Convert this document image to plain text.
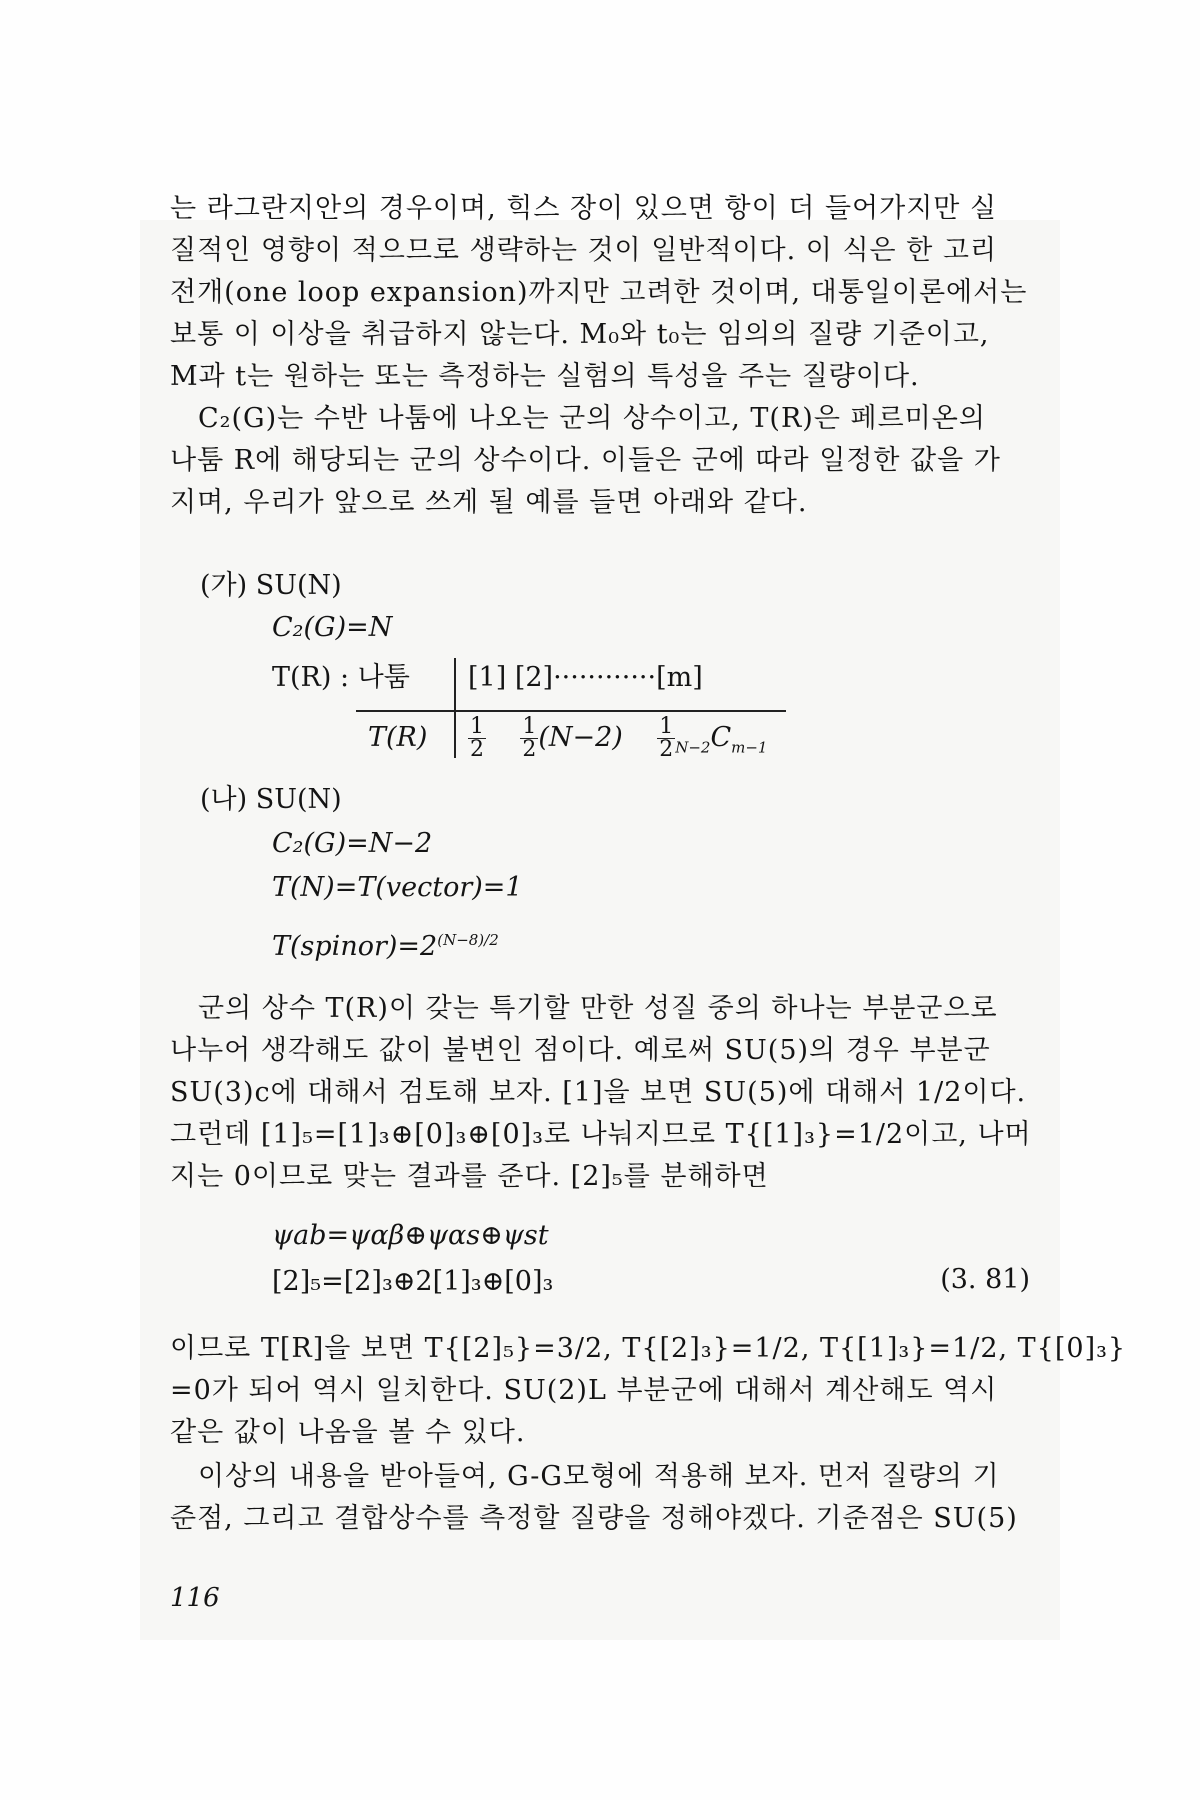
는 라그란지안의 경우이며, 힉스 장이 있으면 항이 더 들어가지만 실
질적인 영향이 적으므로 생략하는 것이 일반적이다. 이 식은 한 고리
전개(one loop expansion)까지만 고려한 것이며, 대통일이론에서는
보통 이 이상을 취급하지 않는다. M₀와 t₀는 임의의 질량 기준이고,
M과 t는 원하는 또는 측정하는 실험의 특성을 주는 질량이다.
C₂(G)는 수반 나툼에 나오는 군의 상수이고, T(R)은 페르미온의
나툼 R에 해당되는 군의 상수이다. 이들은 군에 따라 일정한 값을 가
지며, 우리가 앞으로 쓰게 될 예를 들면 아래와 같다.
(가) SU(N)
C₂(G)=N
T(R) : 나툼 [1] [2]············[m]
$T(R) \frac{1}{2}$
$\frac{1}{2} (N-2) \frac{1}{2} _{N-2}C_{m-1}$
(나) SU(N)
C₂(G)=N−2
T(N)=T(vector)=1
$T(spinor)=2^{(N-8)/2}$
군의 상수 T(R)이 갖는 특기할 만한 성질 중의 하나는 부분군으로
나누어 생각해도 값이 불변인 점이다. 예로써 SU(5)의 경우 부분군
SU(3)c에 대해서 검토해 보자. [1]을 보면 SU(5)에 대해서 1/2이다.
그런데 [1]₅=[1]₃⊕[0]₃⊕[0]₃로 나눠지므로 T{[1]₃}=1/2이고, 나머
지는 0이므로 맞는 결과를 준다. [2]₅를 분해하면
ψab=ψαβ⊕ψαs⊕ψst
[2]₅=[2]₃⊕2[1]₃⊕[0]₃	(3. 81)
이므로 T[R]을 보면 T{[2]₅}=3/2, T{[2]₃}=1/2, T{[1]₃}=1/2, T{[0]₃}
=0가 되어 역시 일치한다. SU(2)L 부분군에 대해서 계산해도 역시
같은 값이 나옴을 볼 수 있다.
이상의 내용을 받아들여, G-G모형에 적용해 보자. 먼저 질량의 기
준점, 그리고 결합상수를 측정할 질량을 정해야겠다. 기준점은 SU(5)
116
